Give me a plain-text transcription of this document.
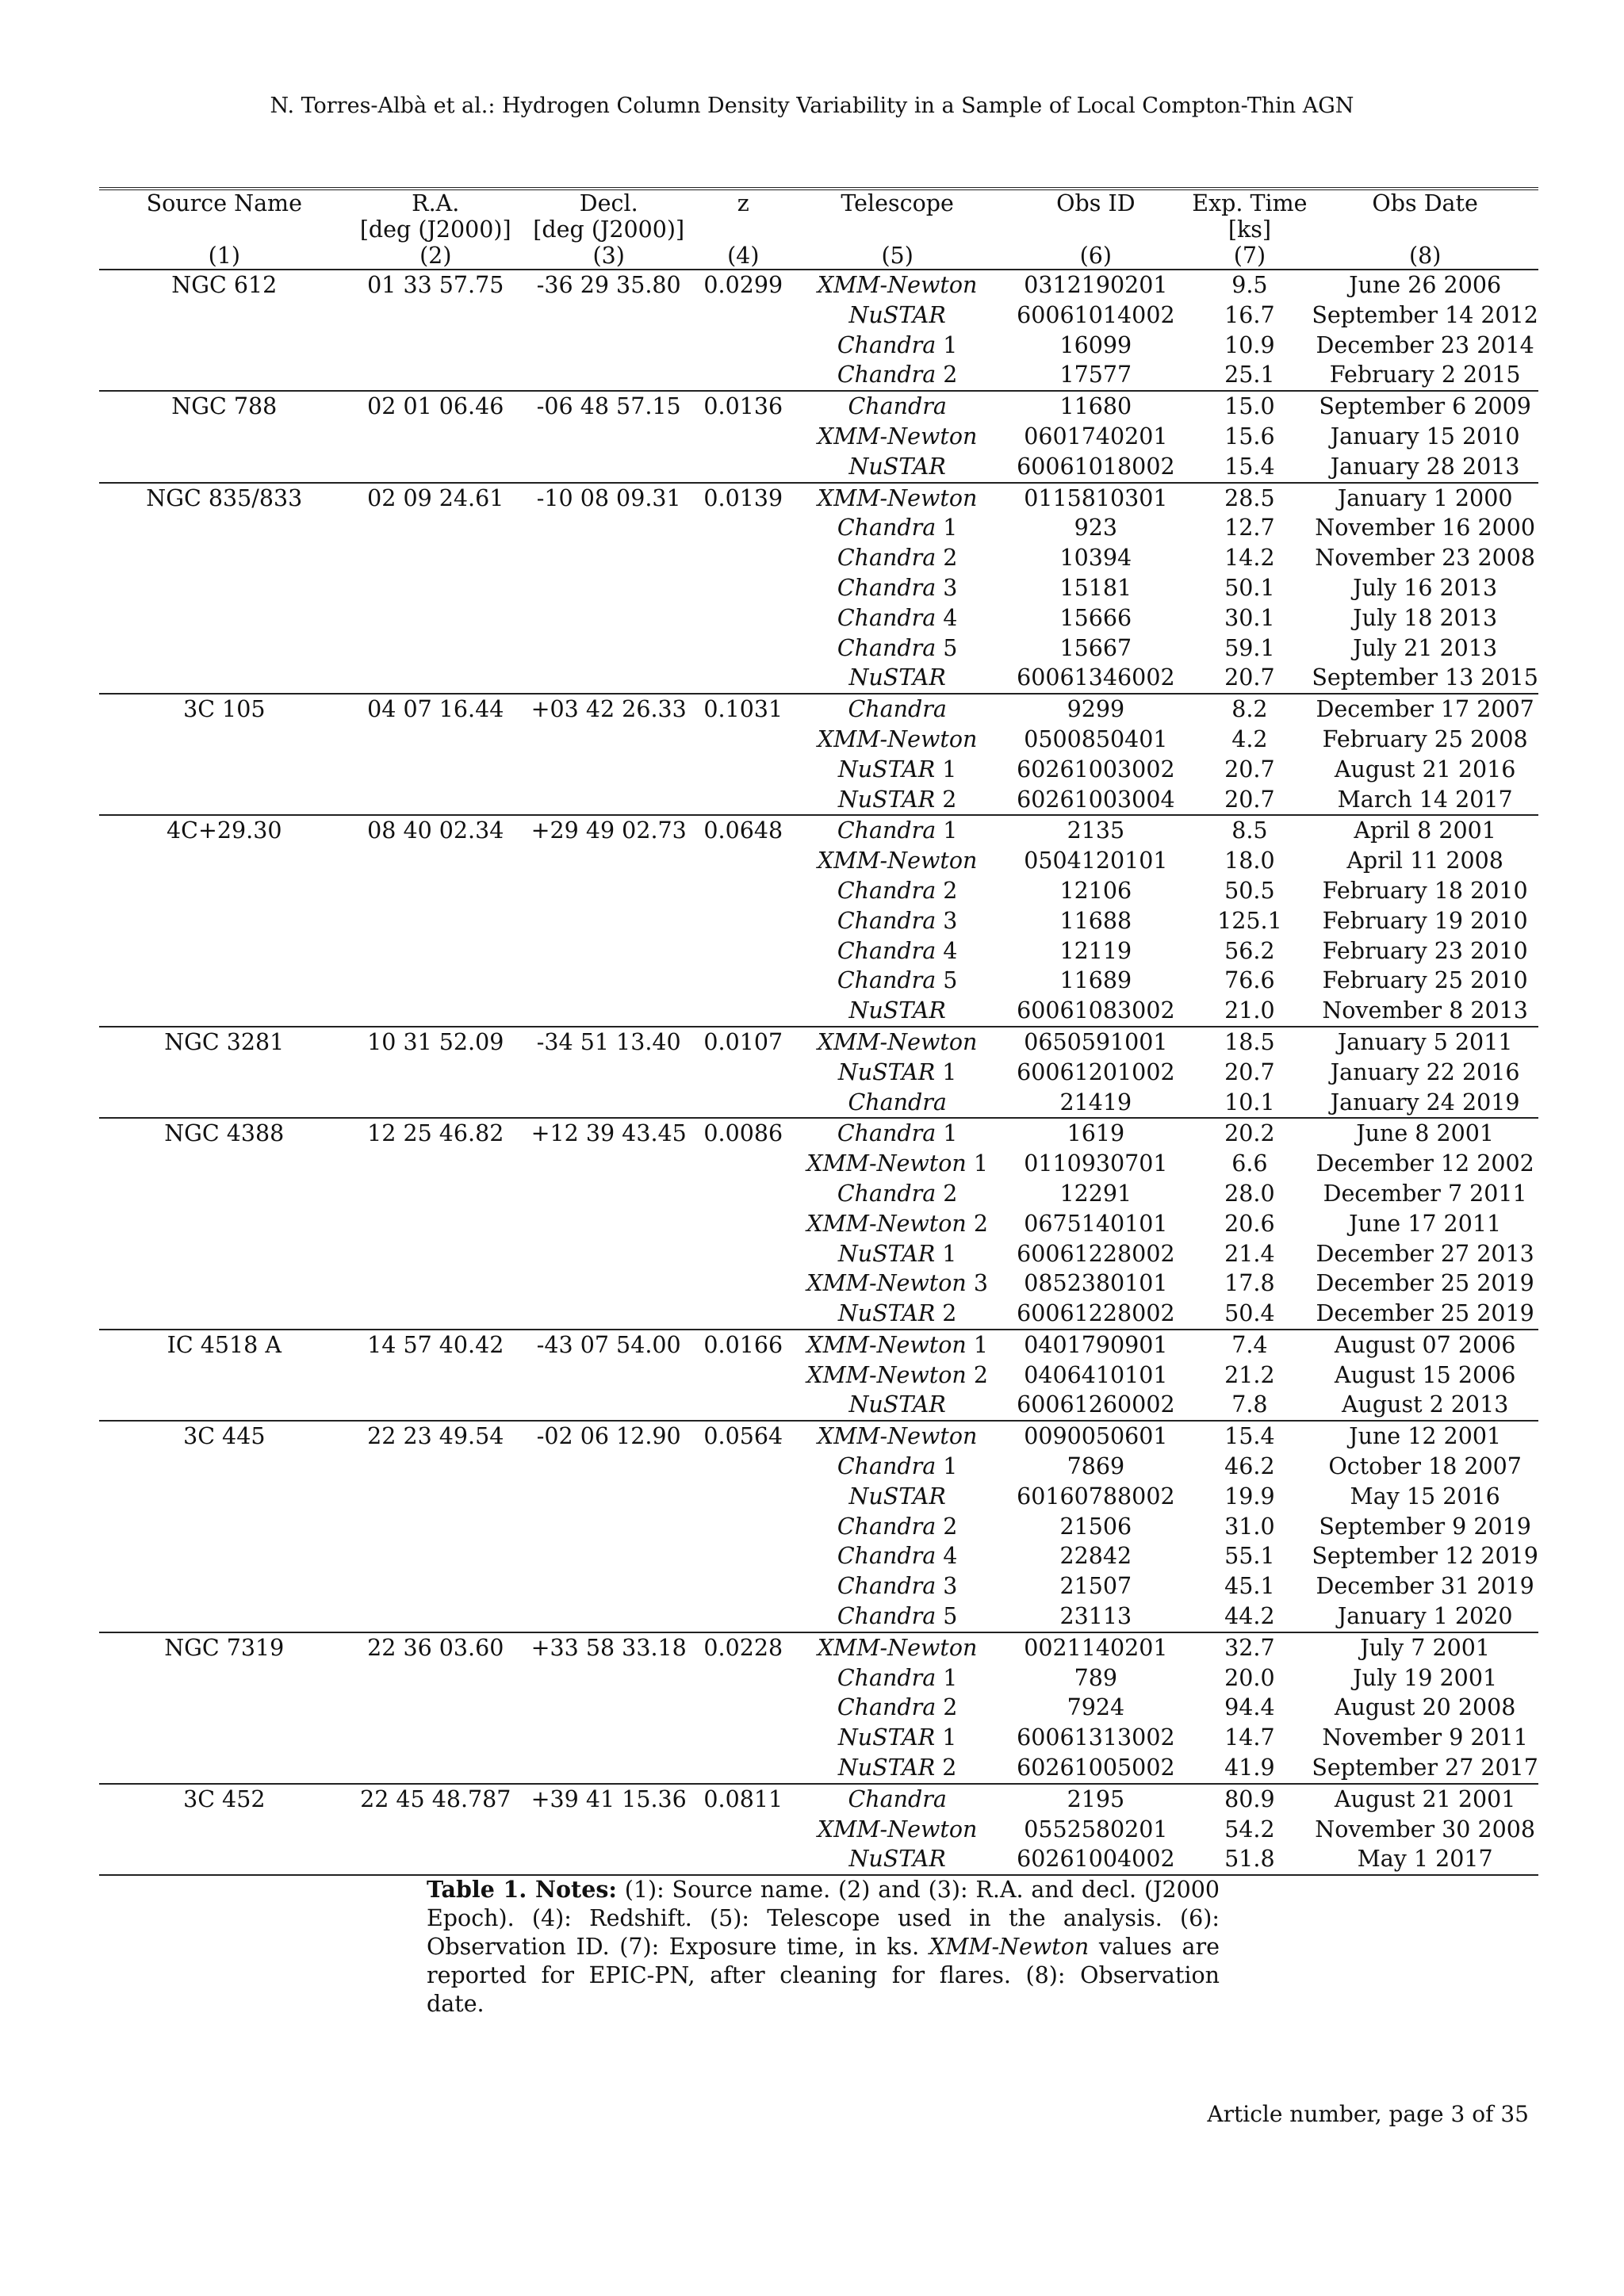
N. Torres-Albà et al.: Hydrogen Column Density Variability in a Sample of Local Compton-Thin AGN
Source Name	R.A.	Decl.	z	Telescope	Obs ID	Exp. Time	Obs Date
	[deg (J2000)]	[deg (J2000)]				[ks]	
(1)	(2)	(3)	(4)	(5)	(6)	(7)	(8)
NGC 612	01 33 57.75	-36 29 35.80	0.0299	XMM-Newton	0312190201	9.5	June 26 2006
				NuSTAR	60061014002	16.7	September 14 2012
				Chandra 1	16099	10.9	December 23 2014
				Chandra 2	17577	25.1	February 2 2015
NGC 788	02 01 06.46	-06 48 57.15	0.0136	Chandra	11680	15.0	September 6 2009
				XMM-Newton	0601740201	15.6	January 15 2010
				NuSTAR	60061018002	15.4	January 28 2013
NGC 835/833	02 09 24.61	-10 08 09.31	0.0139	XMM-Newton	0115810301	28.5	January 1 2000
				Chandra 1	923	12.7	November 16 2000
				Chandra 2	10394	14.2	November 23 2008
				Chandra 3	15181	50.1	July 16 2013
				Chandra 4	15666	30.1	July 18 2013
				Chandra 5	15667	59.1	July 21 2013
				NuSTAR	60061346002	20.7	September 13 2015
3C 105	04 07 16.44	+03 42 26.33	0.1031	Chandra	9299	8.2	December 17 2007
				XMM-Newton	0500850401	4.2	February 25 2008
				NuSTAR 1	60261003002	20.7	August 21 2016
				NuSTAR 2	60261003004	20.7	March 14 2017
4C+29.30	08 40 02.34	+29 49 02.73	0.0648	Chandra 1	2135	8.5	April 8 2001
				XMM-Newton	0504120101	18.0	April 11 2008
				Chandra 2	12106	50.5	February 18 2010
				Chandra 3	11688	125.1	February 19 2010
				Chandra 4	12119	56.2	February 23 2010
				Chandra 5	11689	76.6	February 25 2010
				NuSTAR	60061083002	21.0	November 8 2013
NGC 3281	10 31 52.09	-34 51 13.40	0.0107	XMM-Newton	0650591001	18.5	January 5 2011
				NuSTAR 1	60061201002	20.7	January 22 2016
				Chandra	21419	10.1	January 24 2019
NGC 4388	12 25 46.82	+12 39 43.45	0.0086	Chandra 1	1619	20.2	June 8 2001
				XMM-Newton 1	0110930701	6.6	December 12 2002
				Chandra 2	12291	28.0	December 7 2011
				XMM-Newton 2	0675140101	20.6	June 17 2011
				NuSTAR 1	60061228002	21.4	December 27 2013
				XMM-Newton 3	0852380101	17.8	December 25 2019
				NuSTAR 2	60061228002	50.4	December 25 2019
IC 4518 A	14 57 40.42	-43 07 54.00	0.0166	XMM-Newton 1	0401790901	7.4	August 07 2006
				XMM-Newton 2	0406410101	21.2	August 15 2006
				NuSTAR	60061260002	7.8	August 2 2013
3C 445	22 23 49.54	-02 06 12.90	0.0564	XMM-Newton	0090050601	15.4	June 12 2001
				Chandra 1	7869	46.2	October 18 2007
				NuSTAR	60160788002	19.9	May 15 2016
				Chandra 2	21506	31.0	September 9 2019
				Chandra 4	22842	55.1	September 12 2019
				Chandra 3	21507	45.1	December 31 2019
				Chandra 5	23113	44.2	January 1 2020
NGC 7319	22 36 03.60	+33 58 33.18	0.0228	XMM-Newton	0021140201	32.7	July 7 2001
				Chandra 1	789	20.0	July 19 2001
				Chandra 2	7924	94.4	August 20 2008
				NuSTAR 1	60061313002	14.7	November 9 2011
				NuSTAR 2	60261005002	41.9	September 27 2017
3C 452	22 45 48.787	+39 41 15.36	0.0811	Chandra	2195	80.9	August 21 2001
				XMM-Newton	0552580201	54.2	November 30 2008
				NuSTAR	60261004002	51.8	May 1 2017
Table 1. Notes: (1): Source name. (2) and (3): R.A. and decl. (J2000 Epoch). (4): Redshift. (5): Telescope used in the analysis. (6): Observation ID. (7): Exposure time, in ks. XMM-Newton values are reported for EPIC-PN, after cleaning for flares. (8): Observation date.
Article number, page 3 of 35
